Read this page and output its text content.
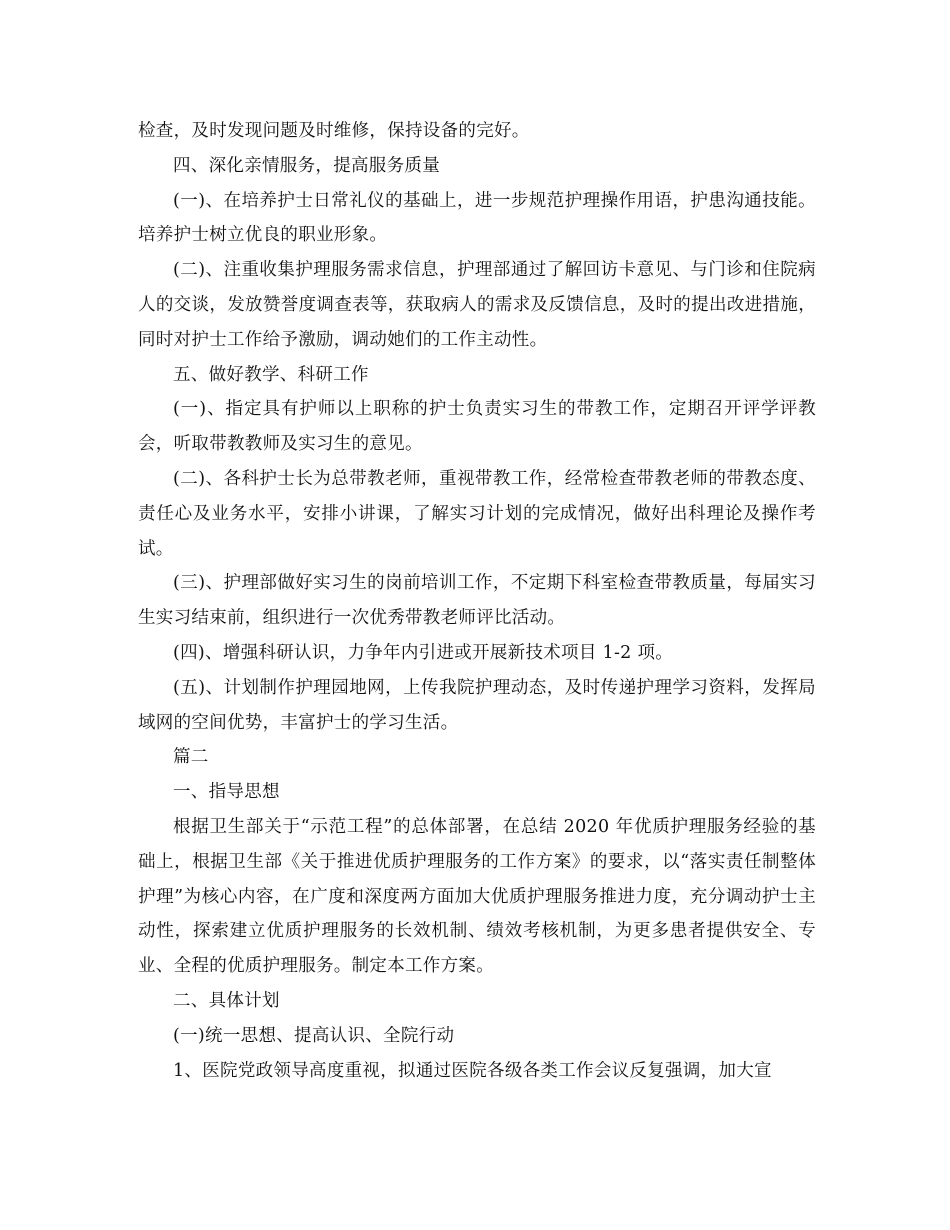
检查，及时发现问题及时维修，保持设备的完好。

四、深化亲情服务，提高服务质量

(一)、在培养护士日常礼仪的基础上，进一步规范护理操作用语，护患沟通技能。培养护士树立优良的职业形象。

(二)、注重收集护理服务需求信息，护理部通过了解回访卡意见、与门诊和住院病人的交谈，发放赞誉度调查表等，获取病人的需求及反馈信息，及时的提出改进措施，同时对护士工作给予激励，调动她们的工作主动性。

五、做好教学、科研工作

(一)、指定具有护师以上职称的护士负责实习生的带教工作，定期召开评学评教会，听取带教教师及实习生的意见。

(二)、各科护士长为总带教老师，重视带教工作，经常检查带教老师的带教态度、责任心及业务水平，安排小讲课，了解实习计划的完成情况，做好出科理论及操作考试。

(三)、护理部做好实习生的岗前培训工作，不定期下科室检查带教质量，每届实习生实习结束前，组织进行一次优秀带教老师评比活动。

(四)、增强科研认识，力争年内引进或开展新技术项目 1-2 项。

(五)、计划制作护理园地网，上传我院护理动态，及时传递护理学习资料，发挥局域网的空间优势，丰富护士的学习生活。

篇二

一、指导思想

根据卫生部关于“示范工程”的总体部署，在总结 2020 年优质护理服务经验的基础上，根据卫生部《关于推进优质护理服务的工作方案》的要求，以“落实责任制整体护理”为核心内容，在广度和深度两方面加大优质护理服务推进力度，充分调动护士主动性，探索建立优质护理服务的长效机制、绩效考核机制，为更多患者提供安全、专业、全程的优质护理服务。制定本工作方案。

二、具体计划

(一)统一思想、提高认识、全院行动

1、医院党政领导高度重视，拟通过医院各级各类工作会议反复强调，加大宣
